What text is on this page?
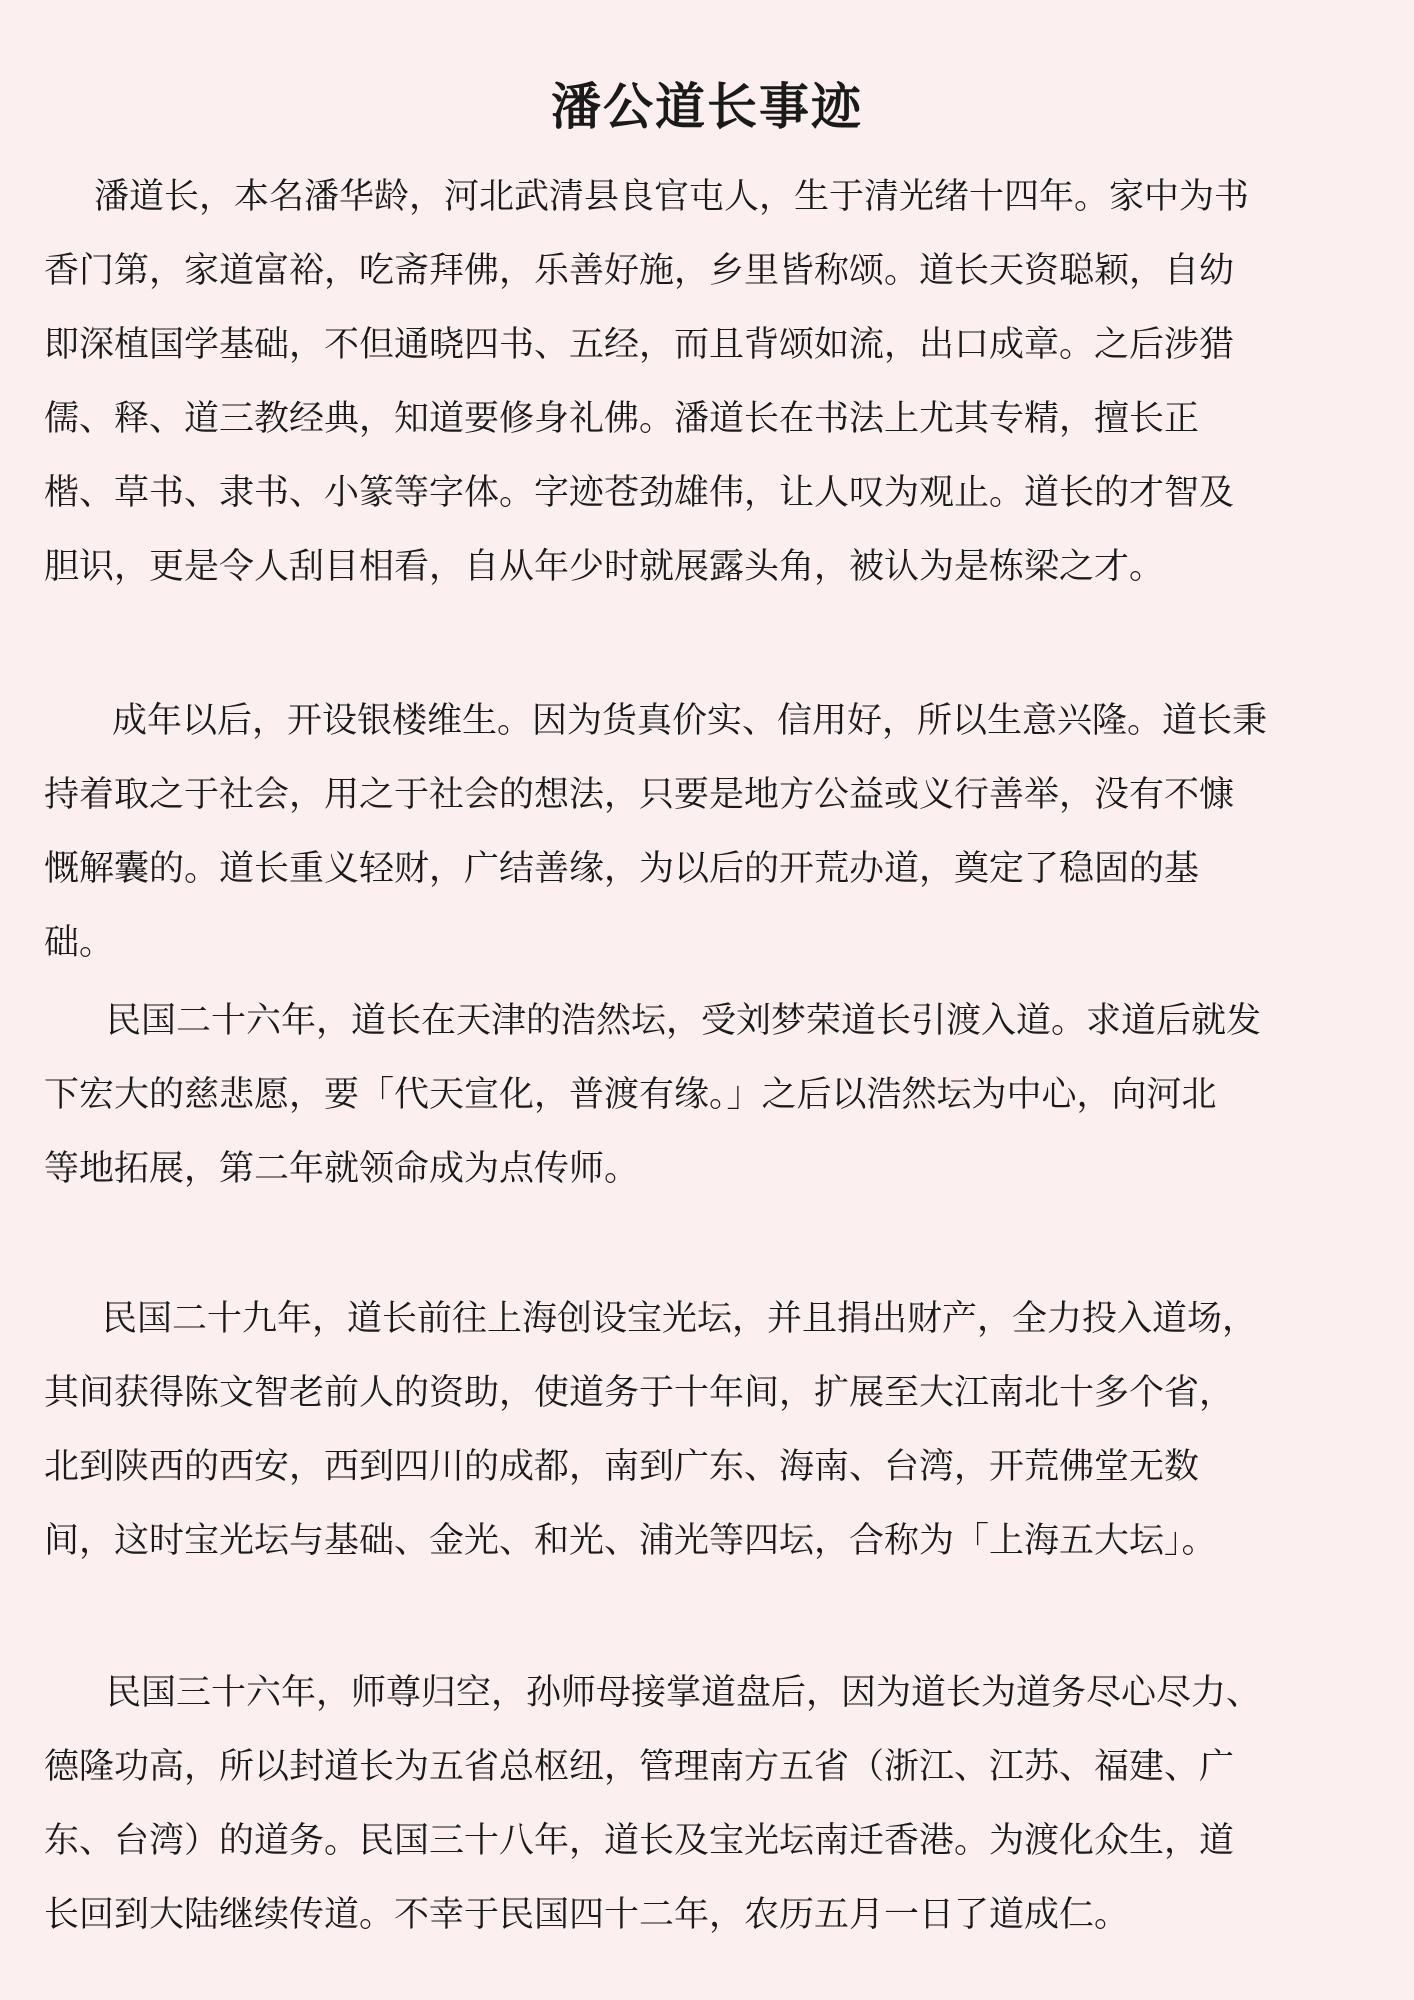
潘公道长事迹
潘道长，本名潘华龄，河北武清县良官屯人，生于清光绪十四年。家中为书
香门第，家道富裕，吃斋拜佛，乐善好施，乡里皆称颂。道长天资聪颖，自幼
即深植国学基础，不但通晓四书、五经，而且背颂如流，出口成章。之后涉猎
儒、释、道三教经典，知道要修身礼佛。潘道长在书法上尤其专精，擅长正
楷、草书、隶书、小篆等字体。字迹苍劲雄伟，让人叹为观止。道长的才智及
胆识，更是令人刮目相看，自从年少时就展露头角，被认为是栋梁之才。
成年以后，开设银楼维生。因为货真价实、信用好，所以生意兴隆。道长秉
持着取之于社会，用之于社会的想法，只要是地方公益或义行善举，没有不慷
慨解囊的。道长重义轻财，广结善缘，为以后的开荒办道，奠定了稳固的基
础。
民国二十六年，道长在天津的浩然坛，受刘梦荣道长引渡入道。求道后就发
下宏大的慈悲愿，要「代天宣化，普渡有缘。」之后以浩然坛为中心，向河北
等地拓展，第二年就领命成为点传师。
民国二十九年，道长前往上海创设宝光坛，并且捐出财产，全力投入道场，
其间获得陈文智老前人的资助，使道务于十年间，扩展至大江南北十多个省，
北到陕西的西安，西到四川的成都，南到广东、海南、台湾，开荒佛堂无数
间，这时宝光坛与基础、金光、和光、浦光等四坛，合称为「上海五大坛」。
民国三十六年，师尊归空，孙师母接掌道盘后，因为道长为道务尽心尽力、
德隆功高，所以封道长为五省总枢纽，管理南方五省（浙江、江苏、福建、广
东、台湾）的道务。民国三十八年，道长及宝光坛南迁香港。为渡化众生，道
长回到大陆继续传道。不幸于民国四十二年，农历五月一日了道成仁。
